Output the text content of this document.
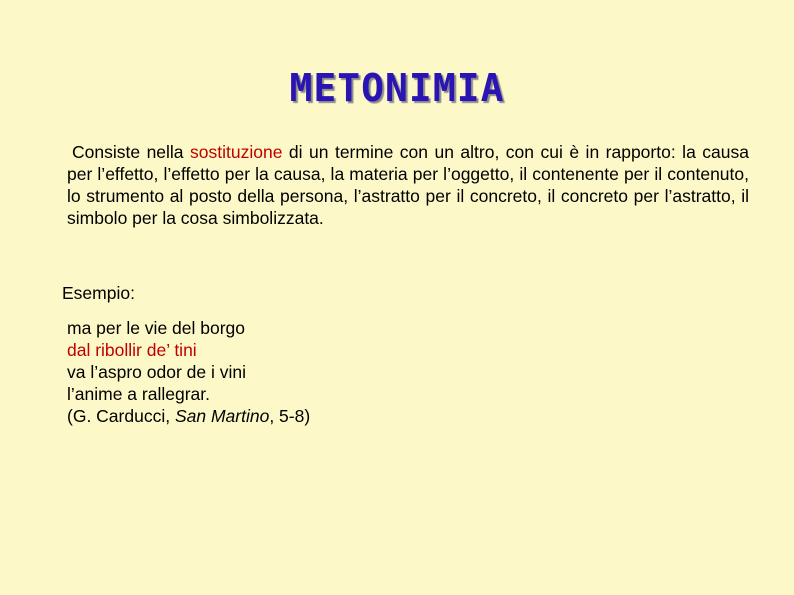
METONIMIA

Consiste nella sostituzione di un termine con un altro, con cui è in rapporto: la causa per l’effetto, l’effetto per la causa, la materia per l’oggetto, il contenente per il contenuto, lo strumento al posto della persona, l’astratto per il concreto, il concreto per l’astratto, il simbolo per la cosa simbolizzata.

Esempio:

ma per le vie del borgo
dal ribollir de’ tini
va l’aspro odor de i vini
l’anime a rallegrar.
(G. Carducci, San Martino, 5-8)
